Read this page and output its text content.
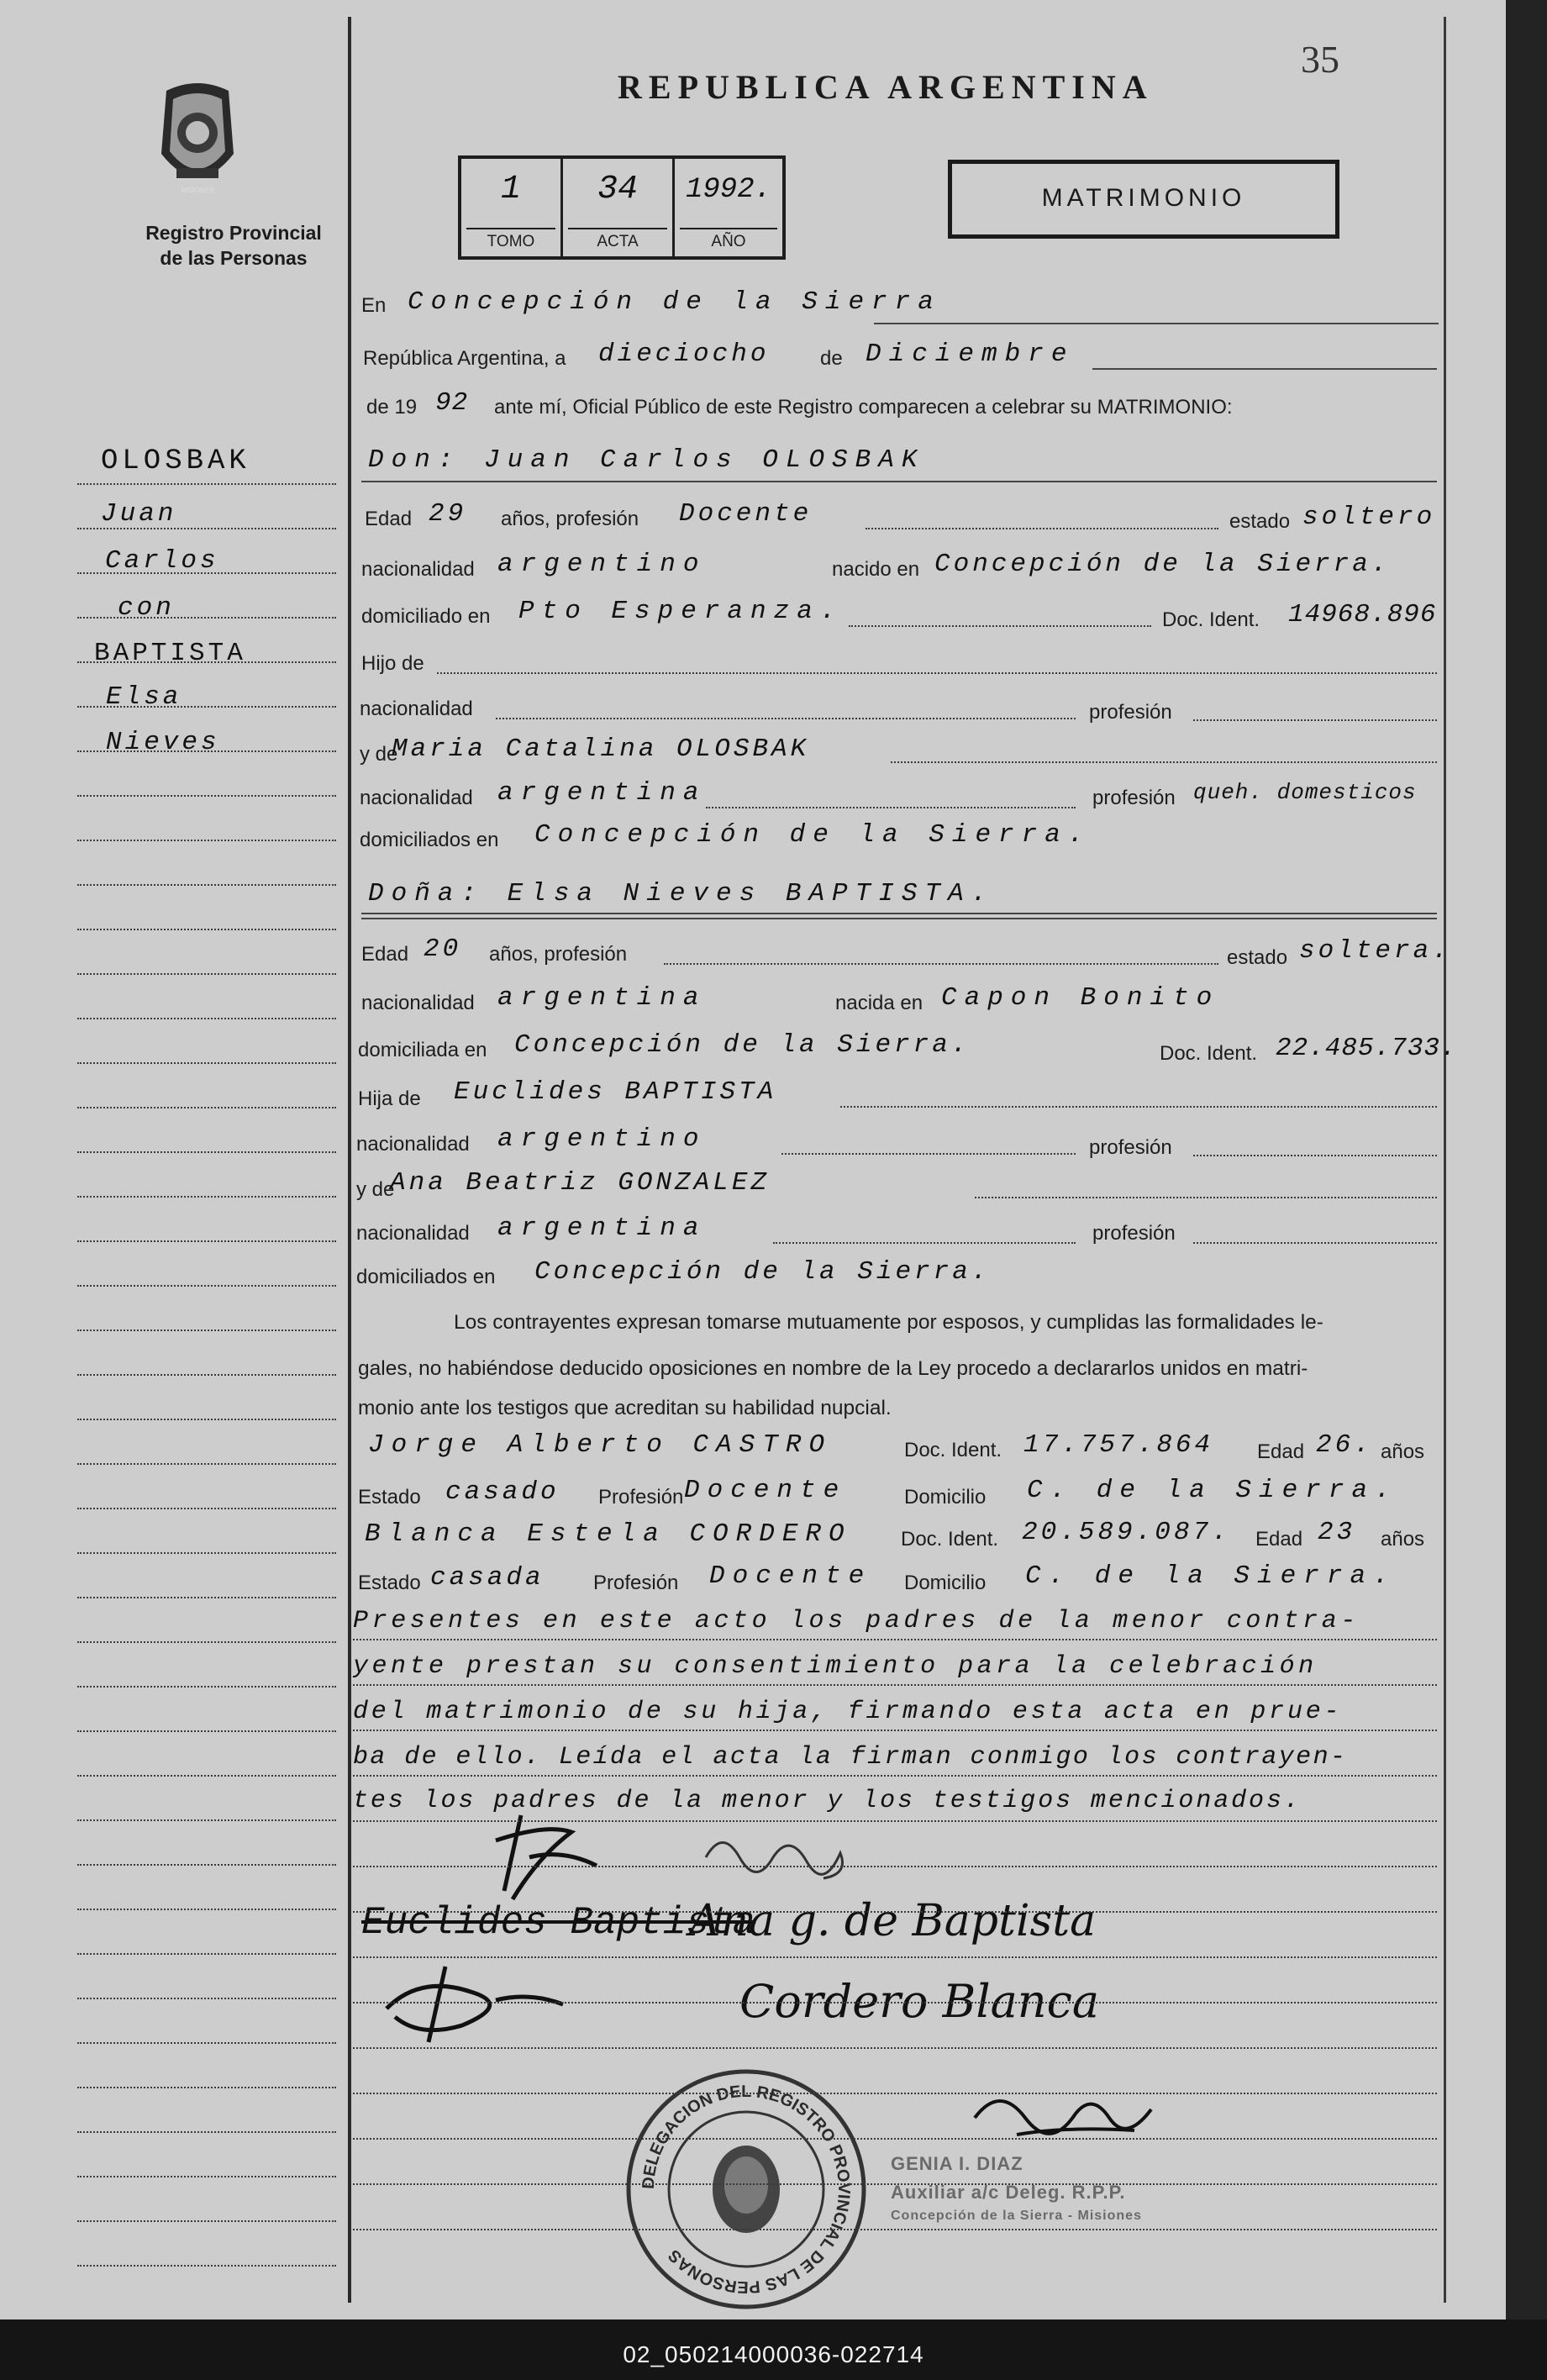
35
MISIONES
Registro Provincial
de las Personas
REPUBLICA ARGENTINA
1
TOMO
34
ACTA
1992.
AÑO
MATRIMONIO
OLOSBAK
Juan
Carlos
con
BAPTISTA
Elsa
Nieves
En Concepción de la Sierra
República Argentina, a dieciocho	de Diciembre
de 19 92 ante mí, Oficial Público de este Registro comparecen a celebrar su MATRIMONIO:
Don: Juan Carlos OLOSBAK
Edad 29 años, profesión Docente	estado soltero
nacionalidad argentino	nacido en Concepción de la Sierra.
domiciliado en Pto Esperanza.	Doc. Ident. 14968.896
Hijo de
nacionalidad	profesión
y de
Maria Catalina OLOSBAK
nacionalidad argentina	profesión queh. domesticos
domiciliados en Concepción de la Sierra.
Doña: Elsa Nieves BAPTISTA.
Edad 20 años, profesión	estado soltera.
nacionalidad argentina	nacida en Capon Bonito
domiciliada en Concepción de la Sierra.	Doc. Ident. 22.485.733.
Hija de Euclides BAPTISTA
nacionalidad argentino	profesión
y de
Ana Beatriz GONZALEZ
nacionalidad argentina	profesión
domiciliados en Concepción de la Sierra.
Los contrayentes expresan tomarse mutuamente por esposos, y cumplidas las formalidades le-
gales, no habiéndose deducido oposiciones en nombre de la Ley procedo a declararlos unidos en matri-
monio ante los testigos que acreditan su habilidad nupcial.
Jorge Alberto CASTRO	Doc. Ident. 17.757.864 Edad 26. años
Estado casado Profesión Docente	Domicilio C. de la Sierra.
Blanca Estela CORDERO Doc. Ident. 20.589.087. Edad 23 años
Estado casada Profesión Docente Domicilio C. de la Sierra.
Presentes en este acto los padres de la menor contra-
yente prestan su consentimiento para la celebración
del matrimonio de su hija, firmando esta acta en prue-
ba de ello. Leída el acta la firman conmigo los contrayen-
tes los padres de la menor y los testigos mencionados.
Euclides Baptista
Ana g. de Baptista
Cordero Blanca
GENIA I. DIAZ
Auxiliar a/c Deleg. R.P.P.
Concepción de la Sierra - Misiones
DELEGACION DEL REGISTRO PROVINCIAL DE LAS PERSONAS
02_050214000036-022714
